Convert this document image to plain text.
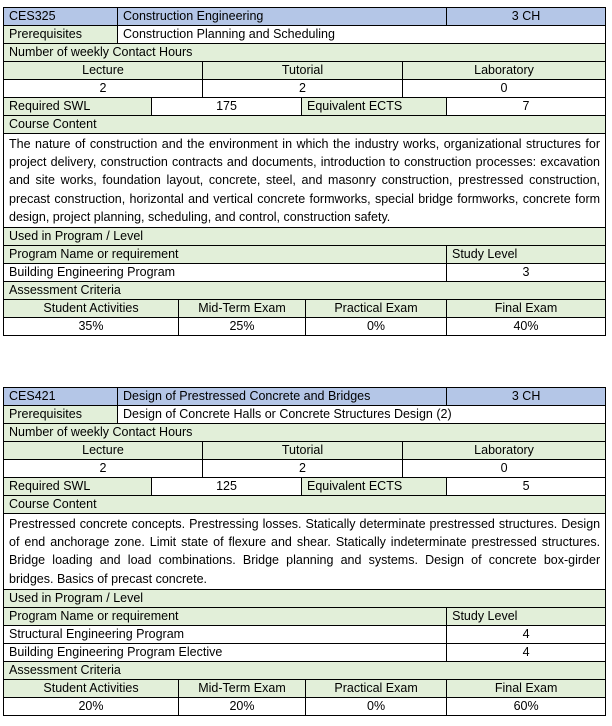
CES325	Construction Engineering							3 CH
Prerequisites	Construction Planning and Scheduling							
Number of weekly Contact Hours								
Lecture				Tutorial			Laboratory	
2				2			0	
Required SWL		175			Equivalent ECTS			7
Course Content								
The nature of construction and the environment in which the industry works, organizational structures for project delivery, construction contracts and documents, introduction to construction processes: excavation and site works, foundation layout, concrete, steel, and masonry construction, prestressed construction, precast construction, horizontal and vertical concrete formworks, special bridge formworks, concrete form design, project planning, scheduling, and control, construction safety.								
Used in Program / Level								
Program Name or requirement								Study Level
Building Engineering Program								3
Assessment Criteria								
Student Activities			Mid-Term Exam			Practical Exam		Final Exam
35%			25%			0%		40%
CES421	Design of Prestressed Concrete and Bridges							3 CH
Prerequisites	Design of Concrete Halls or Concrete Structures Design (2)							
Number of weekly Contact Hours								
Lecture				Tutorial			Laboratory	
2				2			0	
Required SWL		125			Equivalent ECTS			5
Course Content								
Prestressed concrete concepts. Prestressing losses. Statically determinate prestressed structures. Design of end anchorage zone. Limit state of flexure and shear. Statically indeterminate prestressed structures. Bridge loading and load combinations. Bridge planning and systems. Design of concrete box-girder bridges. Basics of precast concrete.								
Used in Program / Level								
Program Name or requirement								Study Level
Structural Engineering Program								4
Building Engineering Program Elective								4
Assessment Criteria								
Student Activities			Mid-Term Exam			Practical Exam		Final Exam
20%			20%			0%		60%
